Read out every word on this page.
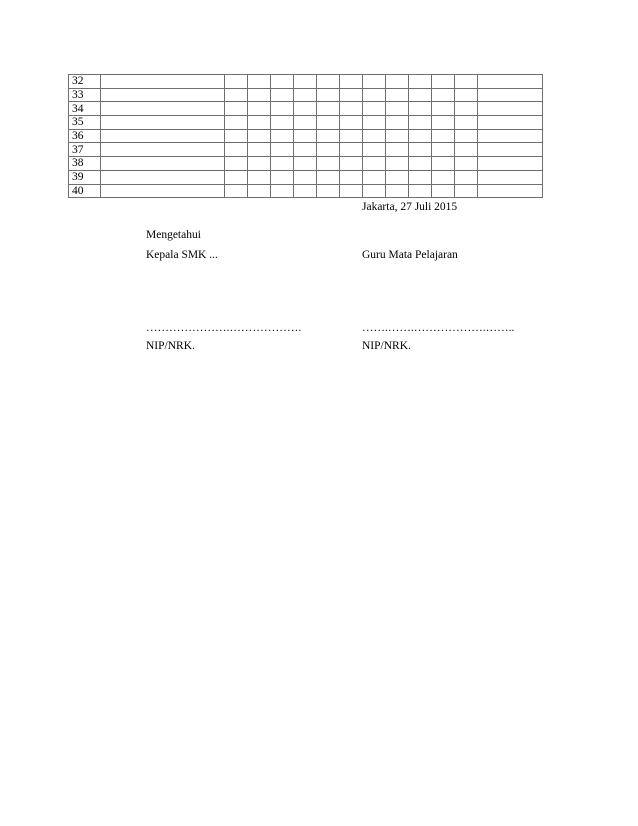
32													
33													
34													
35													
36													
37													
38													
39													
40													
Jakarta, 27 Juli 2015
Mengetahui
Kepala SMK ...	Guru Mata Pelajaran
………………….……………….	…….…….……………….……..
NIP/NRK.	NIP/NRK.
